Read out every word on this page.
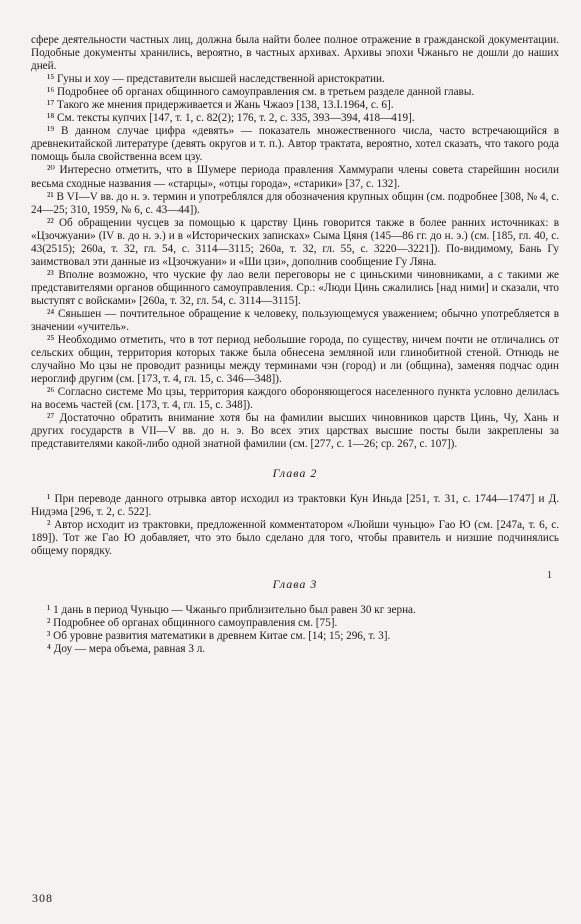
сфере деятельности частных лиц, должна была найти более полное отражение в гражданской документации. Подобные документы хранились, вероятно, в частных архивах. Архивы эпохи Чжаньго не дошли до наших дней.

¹⁵ Гуны и хоу — представители высшей наследственной аристократии.

¹⁶ Подробнее об органах общинного самоуправления см. в третьем разделе данной главы.

¹⁷ Такого же мнения придерживается и Жань Чжаоэ [138, 13.I.1964, с. 6].

¹⁸ См. тексты купчих [147, т. 1, с. 82(2); 176, т. 2, с. 335, 393—394, 418—419].

¹⁹ В данном случае цифра «девять» — показатель множественного числа, часто встречающийся в древнекитайской литературе (девять округов и т. п.). Автор трактата, вероятно, хотел сказать, что такого рода помощь была свойственна всем цзу.

²⁰ Интересно отметить, что в Шумере периода правления Хаммурапи члены совета старейшин носили весьма сходные названия — «старцы», «отцы города», «старики» [37, с. 132].

²¹ В VI—V вв. до н. э. термин и употреблялся для обозначения крупных общин (см. подробнее [308, № 4, с. 24—25; 310, 1959, № 6, с. 43—44]).

²² Об обращении чусцев за помощью к царству Цинь говорится также в более ранних источниках: в «Цзочжуани» (IV в. до н. э.) и в «Исторических записках» Сыма Цяня (145—86 гг. до н. э.) (см. [185, гл. 40, с. 43(2515); 260а, т. 32, гл. 54, с. 3114—3115; 260а, т. 32, гл. 55, с. 3220—3221]). По-видимому, Бань Гу заимствовал эти данные из «Цзочжуани» и «Ши цзи», дополнив сообщение Гу Ляна.

²³ Вполне возможно, что чуские фу лао вели переговоры не с циньскими чиновниками, а с такими же представителями органов общинного самоуправления. Ср.: «Люди Цинь сжалились [над ними] и сказали, что выступят с войсками» [260а, т. 32, гл. 54, с. 3114—3115].

²⁴ Сяньшен — почтительное обращение к человеку, пользующемуся уважением; обычно употребляется в значении «учитель».

²⁵ Необходимо отметить, что в тот период небольшие города, по существу, ничем почти не отличались от сельских общин, территория которых также была обнесена земляной или глинобитной стеной. Отнюдь не случайно Мо цзы не проводит разницы между терминами чэн (город) и ли (община), заменяя подчас один иероглиф другим (см. [173, т. 4, гл. 15, с. 346—348]).

²⁶ Согласно системе Мо цзы, территория каждого обороняющегося населенного пункта условно делилась на восемь частей (см. [173, т. 4, гл. 15, с. 348]).

²⁷ Достаточно обратить внимание хотя бы на фамилии высших чиновников царств Цинь, Чу, Хань и других государств в VII—V вв. до н. э. Во всех этих царствах высшие посты были закреплены за представителями какой-либо одной знатной фамилии (см. [277, с. 1—26; ср. 267, с. 107]).

Глава 2

¹ При переводе данного отрывка автор исходил из трактовки Кун Иньда [251, т. 31, с. 1744—1747] и Д. Нидэма [296, т. 2, с. 522].

² Автор исходит из трактовки, предложенной комментатором «Люйши чуньцю» Гао Ю (см. [247а, т. 6, с. 189]). Тот же Гао Ю добавляет, что это было сделано для того, чтобы правитель и низшие подчинялись общему порядку.

Глава 3
1

¹ 1 дань в период Чуньцю — Чжаньго приблизительно был равен 30 кг зерна.

² Подробнее об органах общинного самоуправления см. [75].

³ Об уровне развития математики в древнем Китае см. [14; 15; 296, т. 3].

⁴ Доу — мера объема, равная 3 л.

308
